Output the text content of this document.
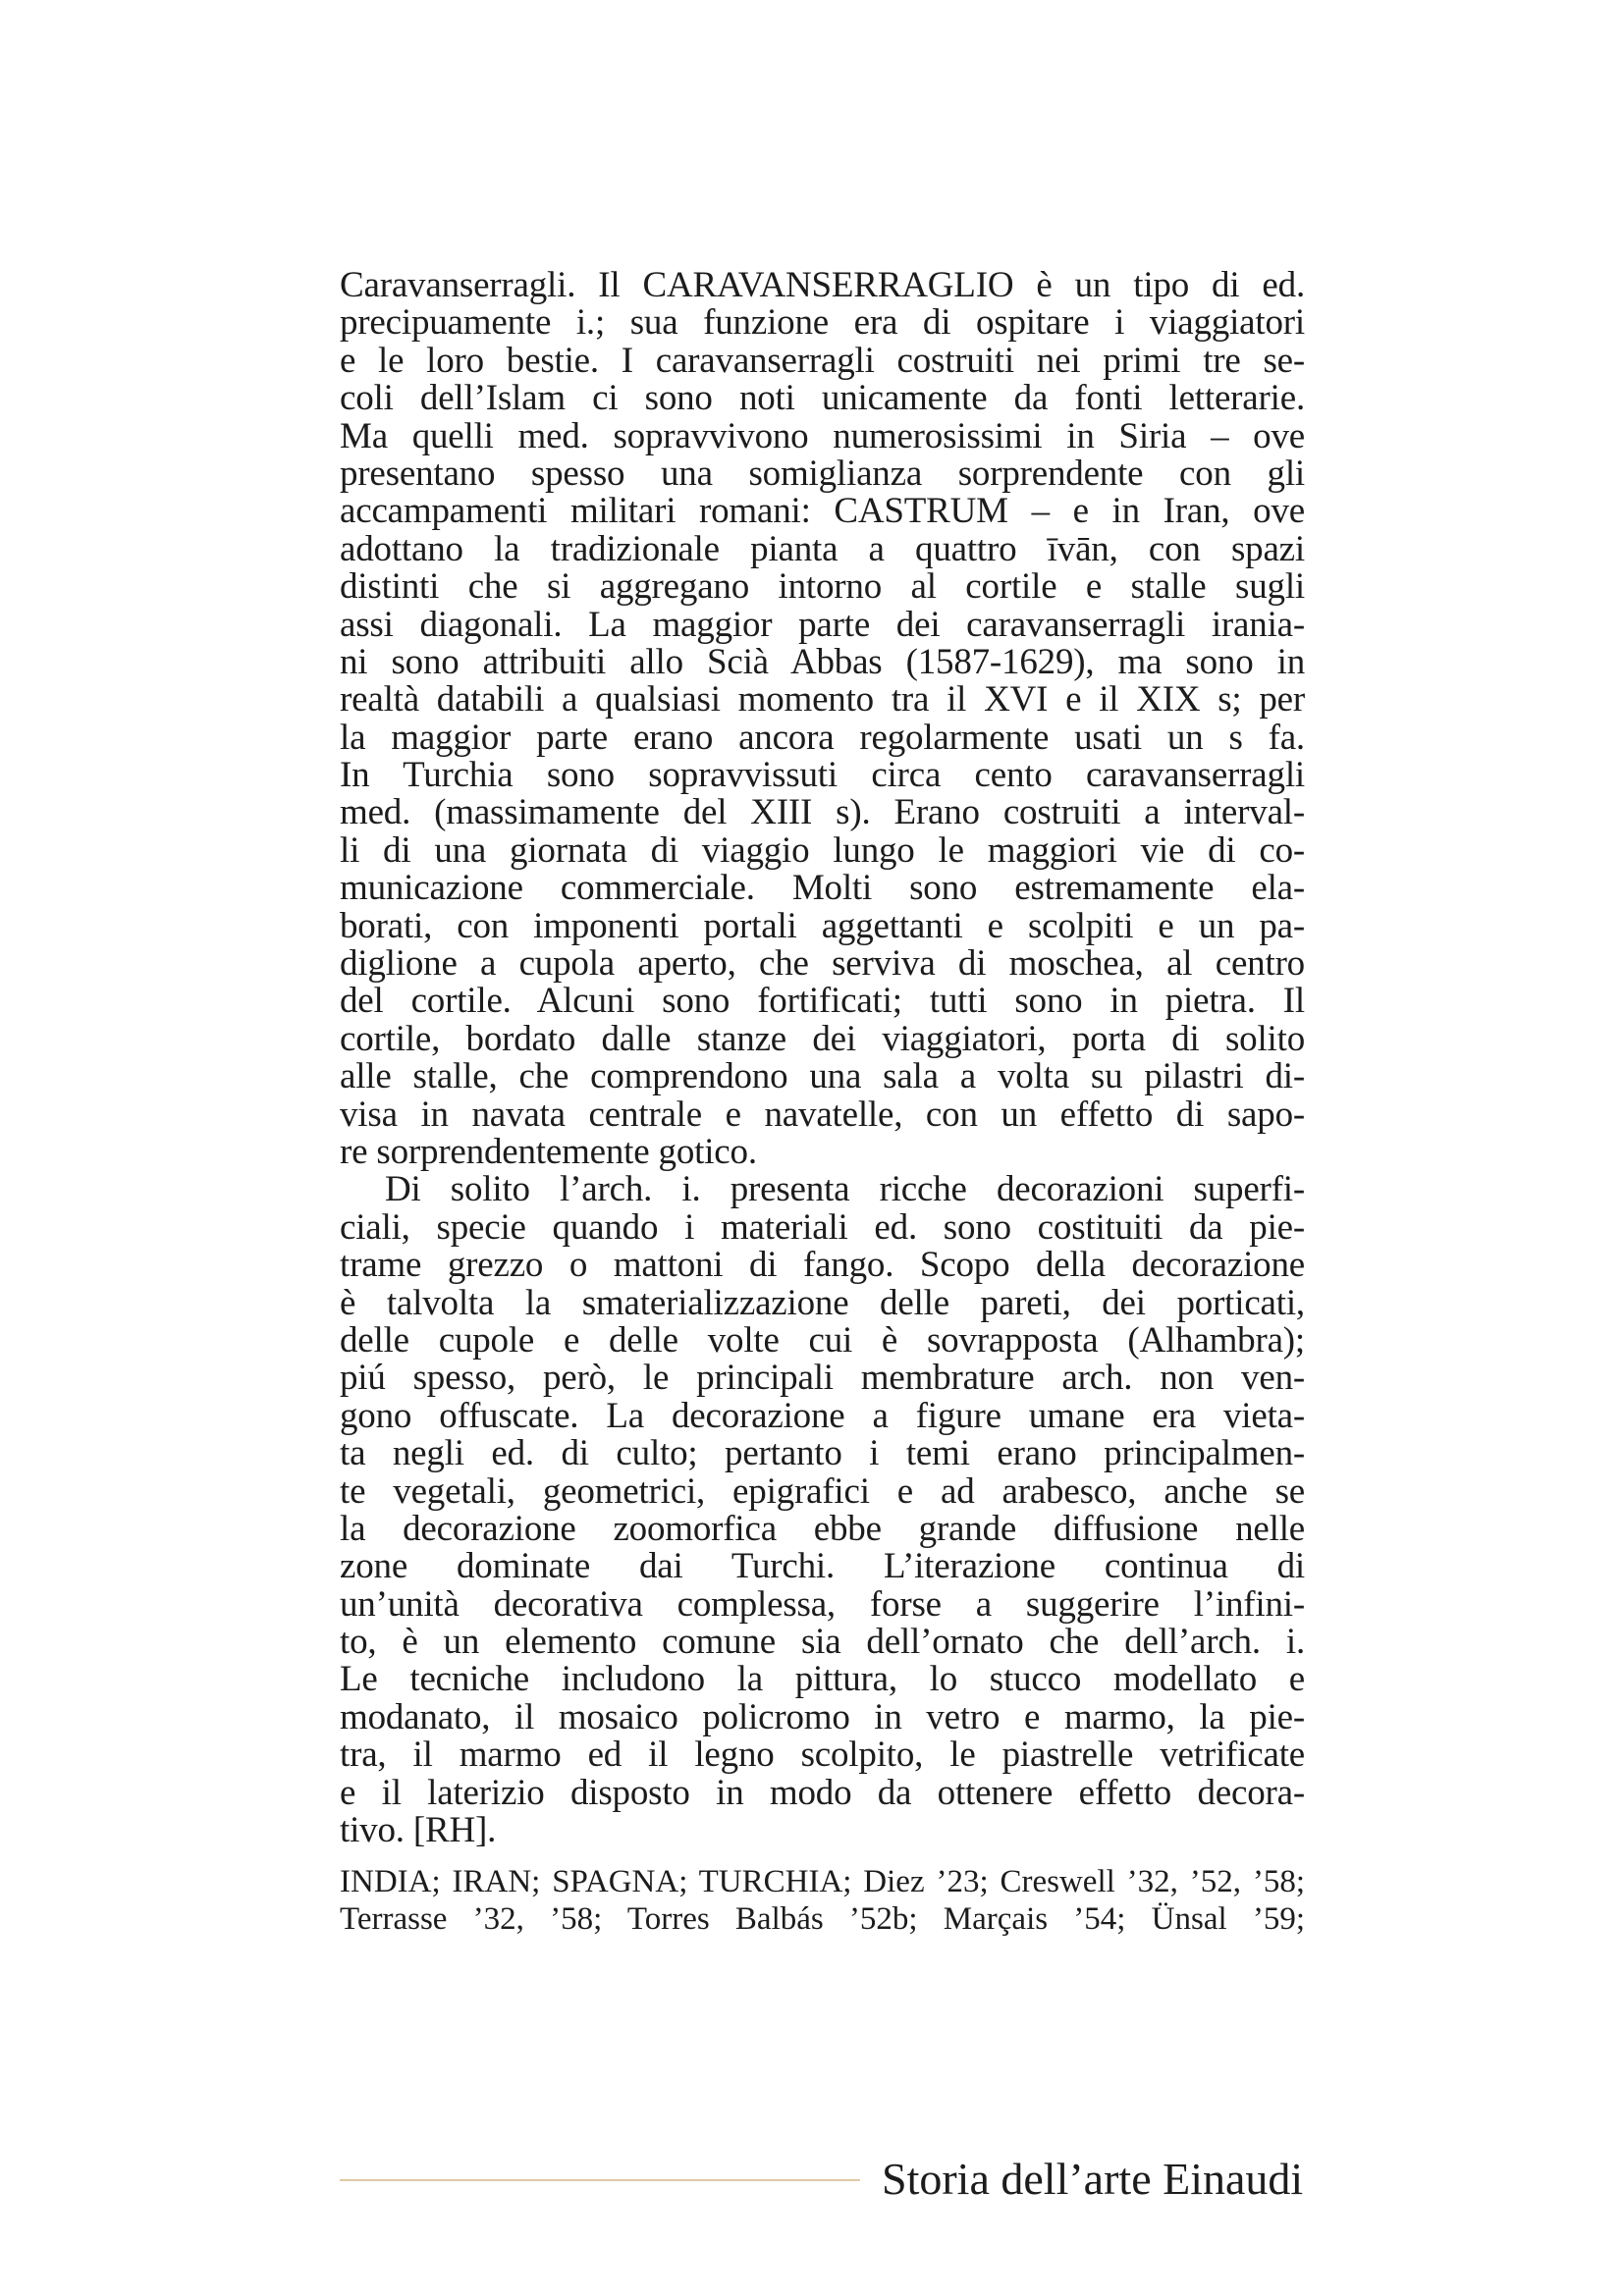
Caravanserragli. Il CARAVANSERRAGLIO è un tipo di ed.
precipuamente i.; sua funzione era di ospitare i viaggiatori
e le loro bestie. I caravanserragli costruiti nei primi tre se-
coli dell’Islam ci sono noti unicamente da fonti letterarie.
Ma quelli med. sopravvivono numerosissimi in Siria – ove
presentano spesso una somiglianza sorprendente con gli
accampamenti militari romani: CASTRUM – e in Iran, ove
adottano la tradizionale pianta a quattro īvān, con spazi
distinti che si aggregano intorno al cortile e stalle sugli
assi diagonali. La maggior parte dei caravanserragli irania-
ni sono attribuiti allo Scià Abbas (1587-1629), ma sono in
realtà databili a qualsiasi momento tra il XVI e il XIX s; per
la maggior parte erano ancora regolarmente usati un s fa.
In Turchia sono sopravvissuti circa cento caravanserragli
med. (massimamente del XIII s). Erano costruiti a interval-
li di una giornata di viaggio lungo le maggiori vie di co-
municazione commerciale. Molti sono estremamente ela-
borati, con imponenti portali aggettanti e scolpiti e un pa-
diglione a cupola aperto, che serviva di moschea, al centro
del cortile. Alcuni sono fortificati; tutti sono in pietra. Il
cortile, bordato dalle stanze dei viaggiatori, porta di solito
alle stalle, che comprendono una sala a volta su pilastri di-
visa in navata centrale e navatelle, con un effetto di sapo-
re sorprendentemente gotico.
Di solito l’arch. i. presenta ricche decorazioni superfi-
ciali, specie quando i materiali ed. sono costituiti da pie-
trame grezzo o mattoni di fango. Scopo della decorazione
è talvolta la smaterializzazione delle pareti, dei porticati,
delle cupole e delle volte cui è sovrapposta (Alhambra);
piú spesso, però, le principali membrature arch. non ven-
gono offuscate. La decorazione a figure umane era vieta-
ta negli ed. di culto; pertanto i temi erano principalmen-
te vegetali, geometrici, epigrafici e ad arabesco, anche se
la decorazione zoomorfica ebbe grande diffusione nelle
zone dominate dai Turchi. L’iterazione continua di
un’unità decorativa complessa, forse a suggerire l’infini-
to, è un elemento comune sia dell’ornato che dell’arch. i.
Le tecniche includono la pittura, lo stucco modellato e
modanato, il mosaico policromo in vetro e marmo, la pie-
tra, il marmo ed il legno scolpito, le piastrelle vetrificate
e il laterizio disposto in modo da ottenere effetto decora-
tivo. [RH].
INDIA; IRAN; SPAGNA; TURCHIA; Diez ’23; Creswell ’32, ’52, ’58;
Terrasse ’32, ’58; Torres Balbás ’52b; Marçais ’54; Ünsal ’59;
Storia dell’arte Einaudi
